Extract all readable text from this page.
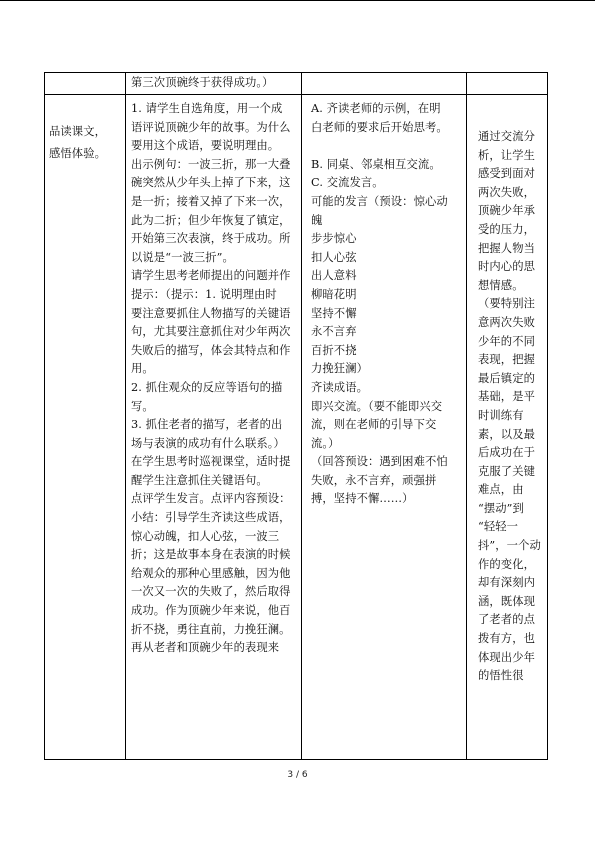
第三次顶碗终于获得成功。）
品读课文，
感悟体验。
1. 请学生自选角度，用一个成
语评说顶碗少年的故事。为什么
要用这个成语，要说明理由。
出示例句：一波三折，那一大叠
碗突然从少年头上掉了下来，这
是一折；接着又掉了下来一次，
此为二折；但少年恢复了镇定，
开始第三次表演，终于成功。所
以说是“一波三折”。
请学生思考老师提出的问题并作
提示：（提示：1. 说明理由时
要注意要抓住人物描写的关键语
句，尤其要注意抓住对少年两次
失败后的描写，体会其特点和作
用。
2. 抓住观众的反应等语句的描
写。
3. 抓住老者的描写，老者的出
场与表演的成功有什么联系。）
在学生思考时巡视课堂，适时提
醒学生注意抓住关键语句。
点评学生发言。点评内容预设：
小结：引导学生齐读这些成语，
惊心动魄，扣人心弦，一波三
折；这是故事本身在表演的时候
给观众的那种心里感触，因为他
一次又一次的失败了，然后取得
成功。作为顶碗少年来说，他百
折不挠，勇往直前，力挽狂澜。
再从老者和顶碗少年的表现来
A. 齐读老师的示例，在明
白老师的要求后开始思考。
B. 同桌、邻桌相互交流。
C. 交流发言。
可能的发言（预设：惊心动
魄
步步惊心
扣人心弦
出人意料
柳暗花明
坚持不懈
永不言弃
百折不挠
力挽狂澜）
齐读成语。
即兴交流。（要不能即兴交
流，则在老师的引导下交
流。）
（回答预设：遇到困难不怕
失败，永不言弃，顽强拼
搏，坚持不懈……）
通过交流分
析，让学生
感受到面对
两次失败，
顶碗少年承
受的压力，
把握人物当
时内心的思
想情感。
（要特别注
意两次失败
少年的不同
表现，把握
最后镇定的
基础，是平
时训练有
素，以及最
后成功在于
克服了关键
难点，由
“摆动”到
“轻轻一
抖”，一个动
作的变化，
却有深刻内
涵，既体现
了老者的点
拨有方，也
体现出少年
的悟性很
3 / 6
